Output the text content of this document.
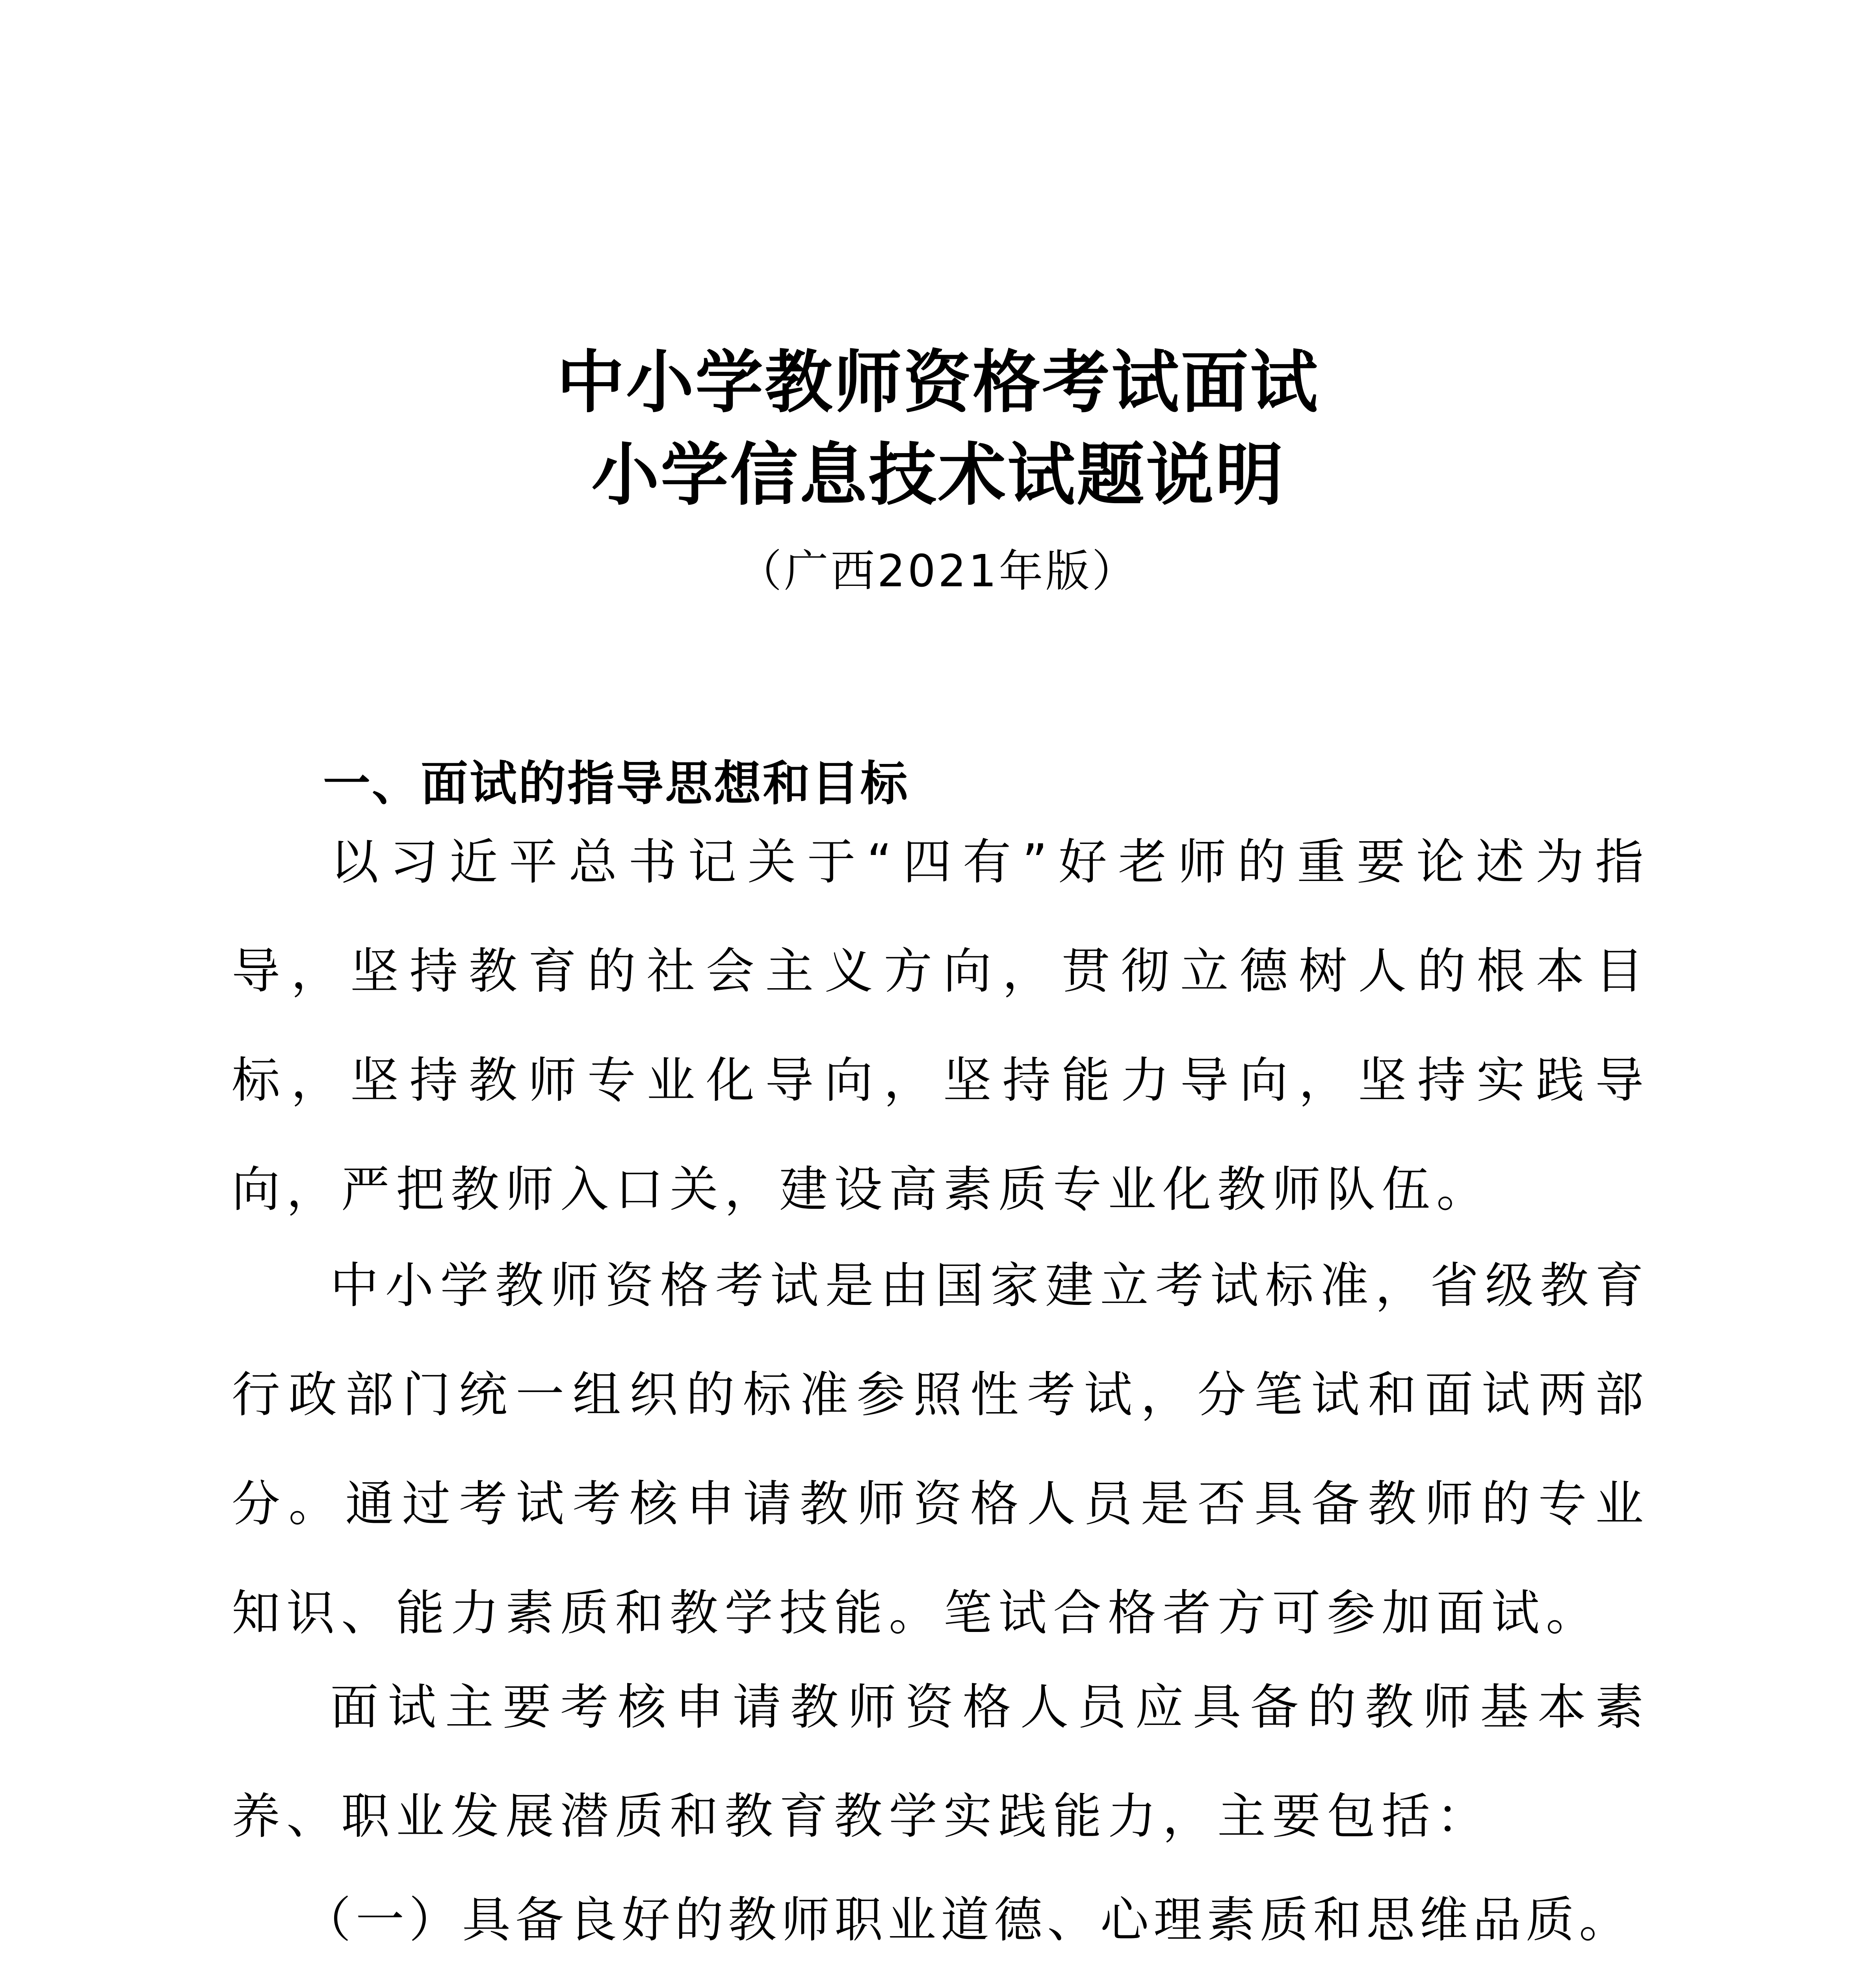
中小学教师资格考试面试
小学信息技术试题说明
（广西2021年版）
一、面试的指导思想和目标
以习近平总书记关于“四有”好老师的重要论述为指导，坚持教育的社会主义方向，贯彻立德树人的根本目标，坚持教师专业化导向，坚持能力导向，坚持实践导向，严把教师入口关，建设高素质专业化教师队伍。
中小学教师资格考试是由国家建立考试标准，省级教育行政部门统一组织的标准参照性考试，分笔试和面试两部分。通过考试考核申请教师资格人员是否具备教师的专业知识、能力素质和教学技能。笔试合格者方可参加面试。
面试主要考核申请教师资格人员应具备的教师基本素养、职业发展潜质和教育教学实践能力，主要包括：
（一）具备良好的教师职业道德、心理素质和思维品质。
